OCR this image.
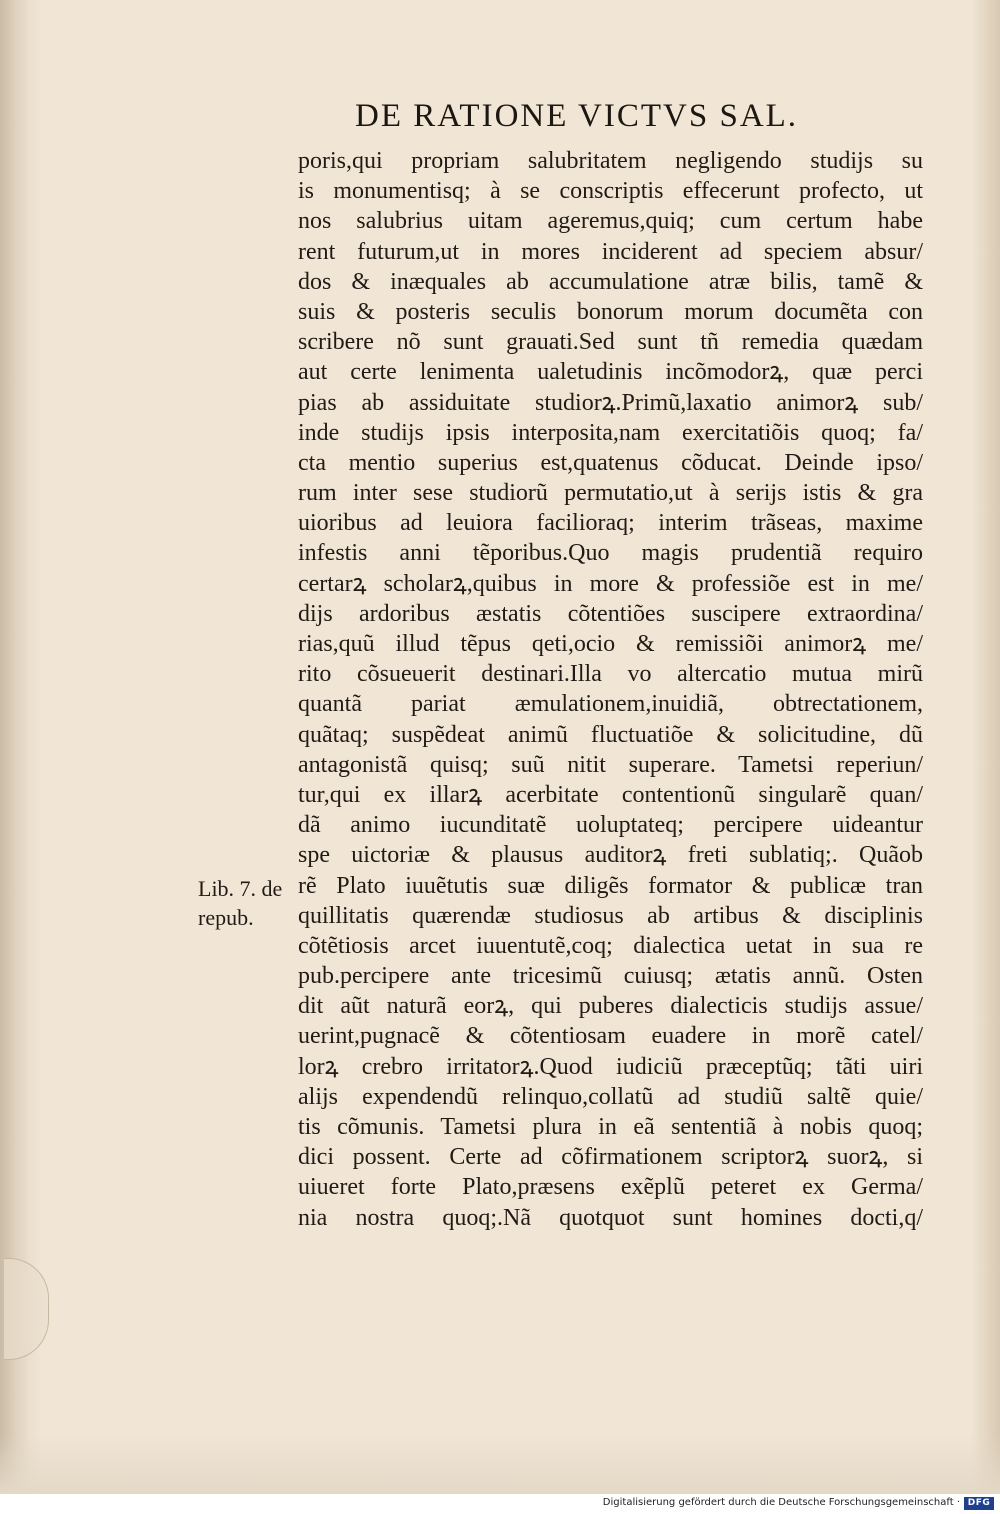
DE RATIONE VICTVS SAL.
poris,qui propriam salubritatem negligendo studijs su
is monumentisq; à se conscriptis effecerunt profecto, ut
nos salubrius uitam ageremus,quiq; cum certum habe
rent futurum,ut in mores inciderent ad speciem absur/
dos & inæquales ab accumulatione atræ bilis, tamẽ &
suis & posteris seculis bonorum morum documẽta con
scribere nõ sunt grauati.Sed sunt tñ remedia quædam
aut certe lenimenta ualetudinis incõmodorꝝ, quæ perci
pias ab assiduitate studiorꝝ.Primũ,laxatio animorꝝ sub/
inde studijs ipsis interposita,nam exercitatiõis quoq; fa/
cta mentio superius est,quatenus cõducat. Deinde ipso/
rum inter sese studiorũ permutatio,ut à serijs istis & gra
uioribus ad leuiora facilioraq; interim trãseas, maxime
infestis anni tẽporibus.Quo magis prudentiã requiro
certarꝝ scholarꝝ,quibus in more & professiõe est in me/
dijs ardoribus æstatis cõtentiões suscipere extraordina/
rias,quũ illud tẽpus qeti,ocio & remissiõi animorꝝ me/
rito cõsueuerit destinari.Illa vo altercatio mutua mirũ
quantã pariat æmulationem,inuidiã, obtrectationem,
quãtaq; suspẽdeat animũ fluctuatiõe & solicitudine, dũ
antagonistã quisq; suũ nitit superare. Tametsi reperiun/
tur,qui ex illarꝝ acerbitate contentionũ singularẽ quan/
dã animo iucunditatẽ uoluptateq; percipere uideantur
spe uictoriæ & plausus auditorꝝ freti sublatiq;. Quãob
rẽ Plato iuuẽtutis suæ diligẽs formator & publicæ tran
quillitatis quærendæ studiosus ab artibus & disciplinis
cõtẽtiosis arcet iuuentutẽ,coq; dialectica uetat in sua re
pub.percipere ante tricesimũ cuiusq; ætatis annũ. Osten
dit aũt naturã eorꝝ, qui puberes dialecticis studijs assue/
uerint,pugnacẽ & cõtentiosam euadere in morẽ catel/
lorꝝ crebro irritatorꝝ.Quod iudiciũ præceptũq; tãti uiri
alijs expendendũ relinquo,collatũ ad studiũ saltẽ quie/
tis cõmunis. Tametsi plura in eã sententiã à nobis quoq;
dici possent. Certe ad cõfirmationem scriptorꝝ suorꝝ, si
uiueret forte Plato,præsens exẽplũ peteret ex Germa/
nia nostra quoq;.Nã quotquot sunt homines docti,q/
Lib. 7. de
repub.
Digitalisierung gefördert durch die Deutsche Forschungsgemeinschaft · DFG
